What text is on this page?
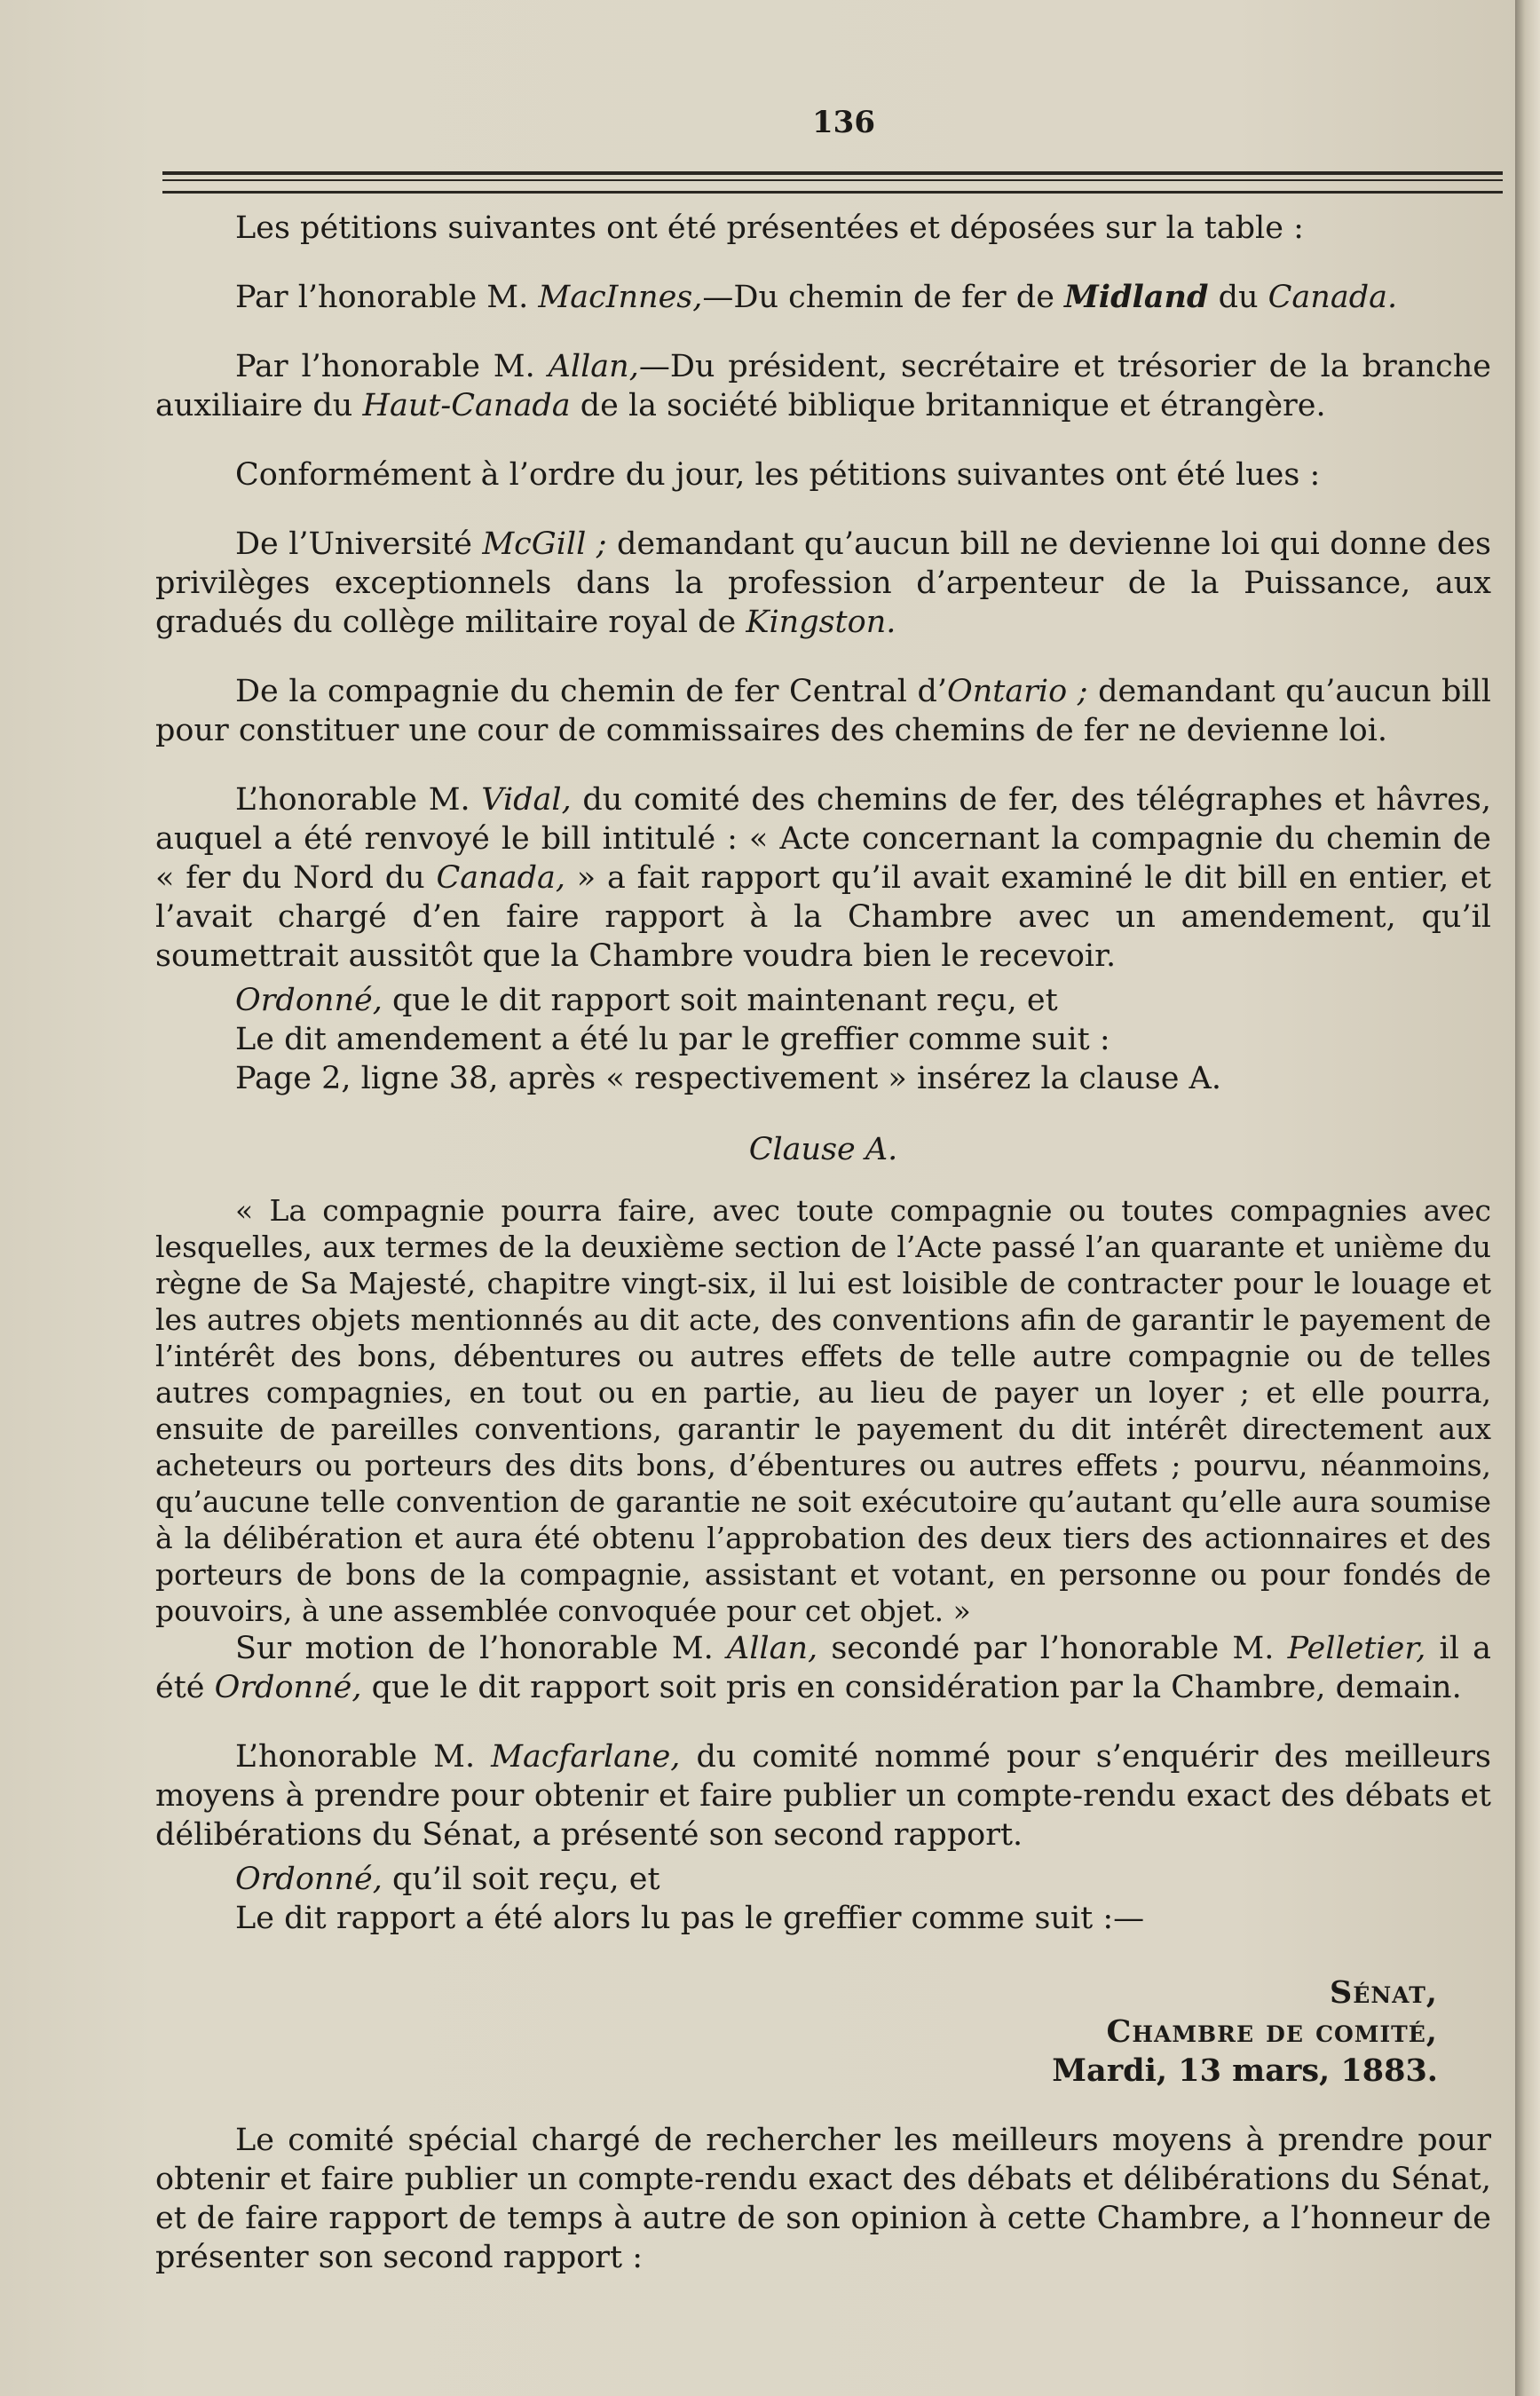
136

Les pétitions suivantes ont été présentées et déposées sur la table :

Par l’honorable M. MacInnes,—Du chemin de fer de Midland du Canada.

Par l’honorable M. Allan,—Du président, secrétaire et trésorier de la branche auxiliaire du Haut-Canada de la société biblique britannique et étrangère.

Conformément à l’ordre du jour, les pétitions suivantes ont été lues :

De l’Université McGill ; demandant qu’aucun bill ne devienne loi qui donne des privilèges exceptionnels dans la profession d’arpenteur de la Puissance, aux gradués du collège militaire royal de Kingston.

De la compagnie du chemin de fer Central d’Ontario ; demandant qu’aucun bill pour constituer une cour de commissaires des chemins de fer ne devienne loi.

L’honorable M. Vidal, du comité des chemins de fer, des télégraphes et hâvres, auquel a été renvoyé le bill intitulé : « Acte concernant la compagnie du chemin de « fer du Nord du Canada, » a fait rapport qu’il avait examiné le dit bill en entier, et l’avait chargé d’en faire rapport à la Chambre avec un amendement, qu’il soumettrait aussitôt que la Chambre voudra bien le recevoir.

Ordonné, que le dit rapport soit maintenant reçu, et

Le dit amendement a été lu par le greffier comme suit :

Page 2, ligne 38, après « respectivement » insérez la clause A.

Clause A.

« La compagnie pourra faire, avec toute compagnie ou toutes compagnies avec lesquelles, aux termes de la deuxième section de l’Acte passé l’an quarante et unième du règne de Sa Majesté, chapitre vingt-six, il lui est loisible de contracter pour le louage et les autres objets mentionnés au dit acte, des conventions afin de garantir le payement de l’intérêt des bons, débentures ou autres effets de telle autre compagnie ou de telles autres compagnies, en tout ou en partie, au lieu de payer un loyer ; et elle pourra, ensuite de pareilles conventions, garantir le payement du dit intérêt directement aux acheteurs ou porteurs des dits bons, d’ébentures ou autres effets ; pourvu, néanmoins, qu’aucune telle convention de garantie ne soit exécutoire qu’autant qu’elle aura soumise à la délibération et aura été obtenu l’approbation des deux tiers des actionnaires et des porteurs de bons de la compagnie, assistant et votant, en personne ou pour fondés de pouvoirs, à une assemblée convoquée pour cet objet. »

Sur motion de l’honorable M. Allan, secondé par l’honorable M. Pelletier, il a été Ordonné, que le dit rapport soit pris en considération par la Chambre, demain.

L’honorable M. Macfarlane, du comité nommé pour s’enquérir des meilleurs moyens à prendre pour obtenir et faire publier un compte-rendu exact des débats et délibérations du Sénat, a présenté son second rapport.

Ordonné, qu’il soit reçu, et

Le dit rapport a été alors lu pas le greffier comme suit :—

Sénat,

Chambre de comité,

Mardi, 13 mars, 1883.

Le comité spécial chargé de rechercher les meilleurs moyens à prendre pour obtenir et faire publier un compte-rendu exact des débats et délibérations du Sénat, et de faire rapport de temps à autre de son opinion à cette Chambre, a l’honneur de présenter son second rapport :
